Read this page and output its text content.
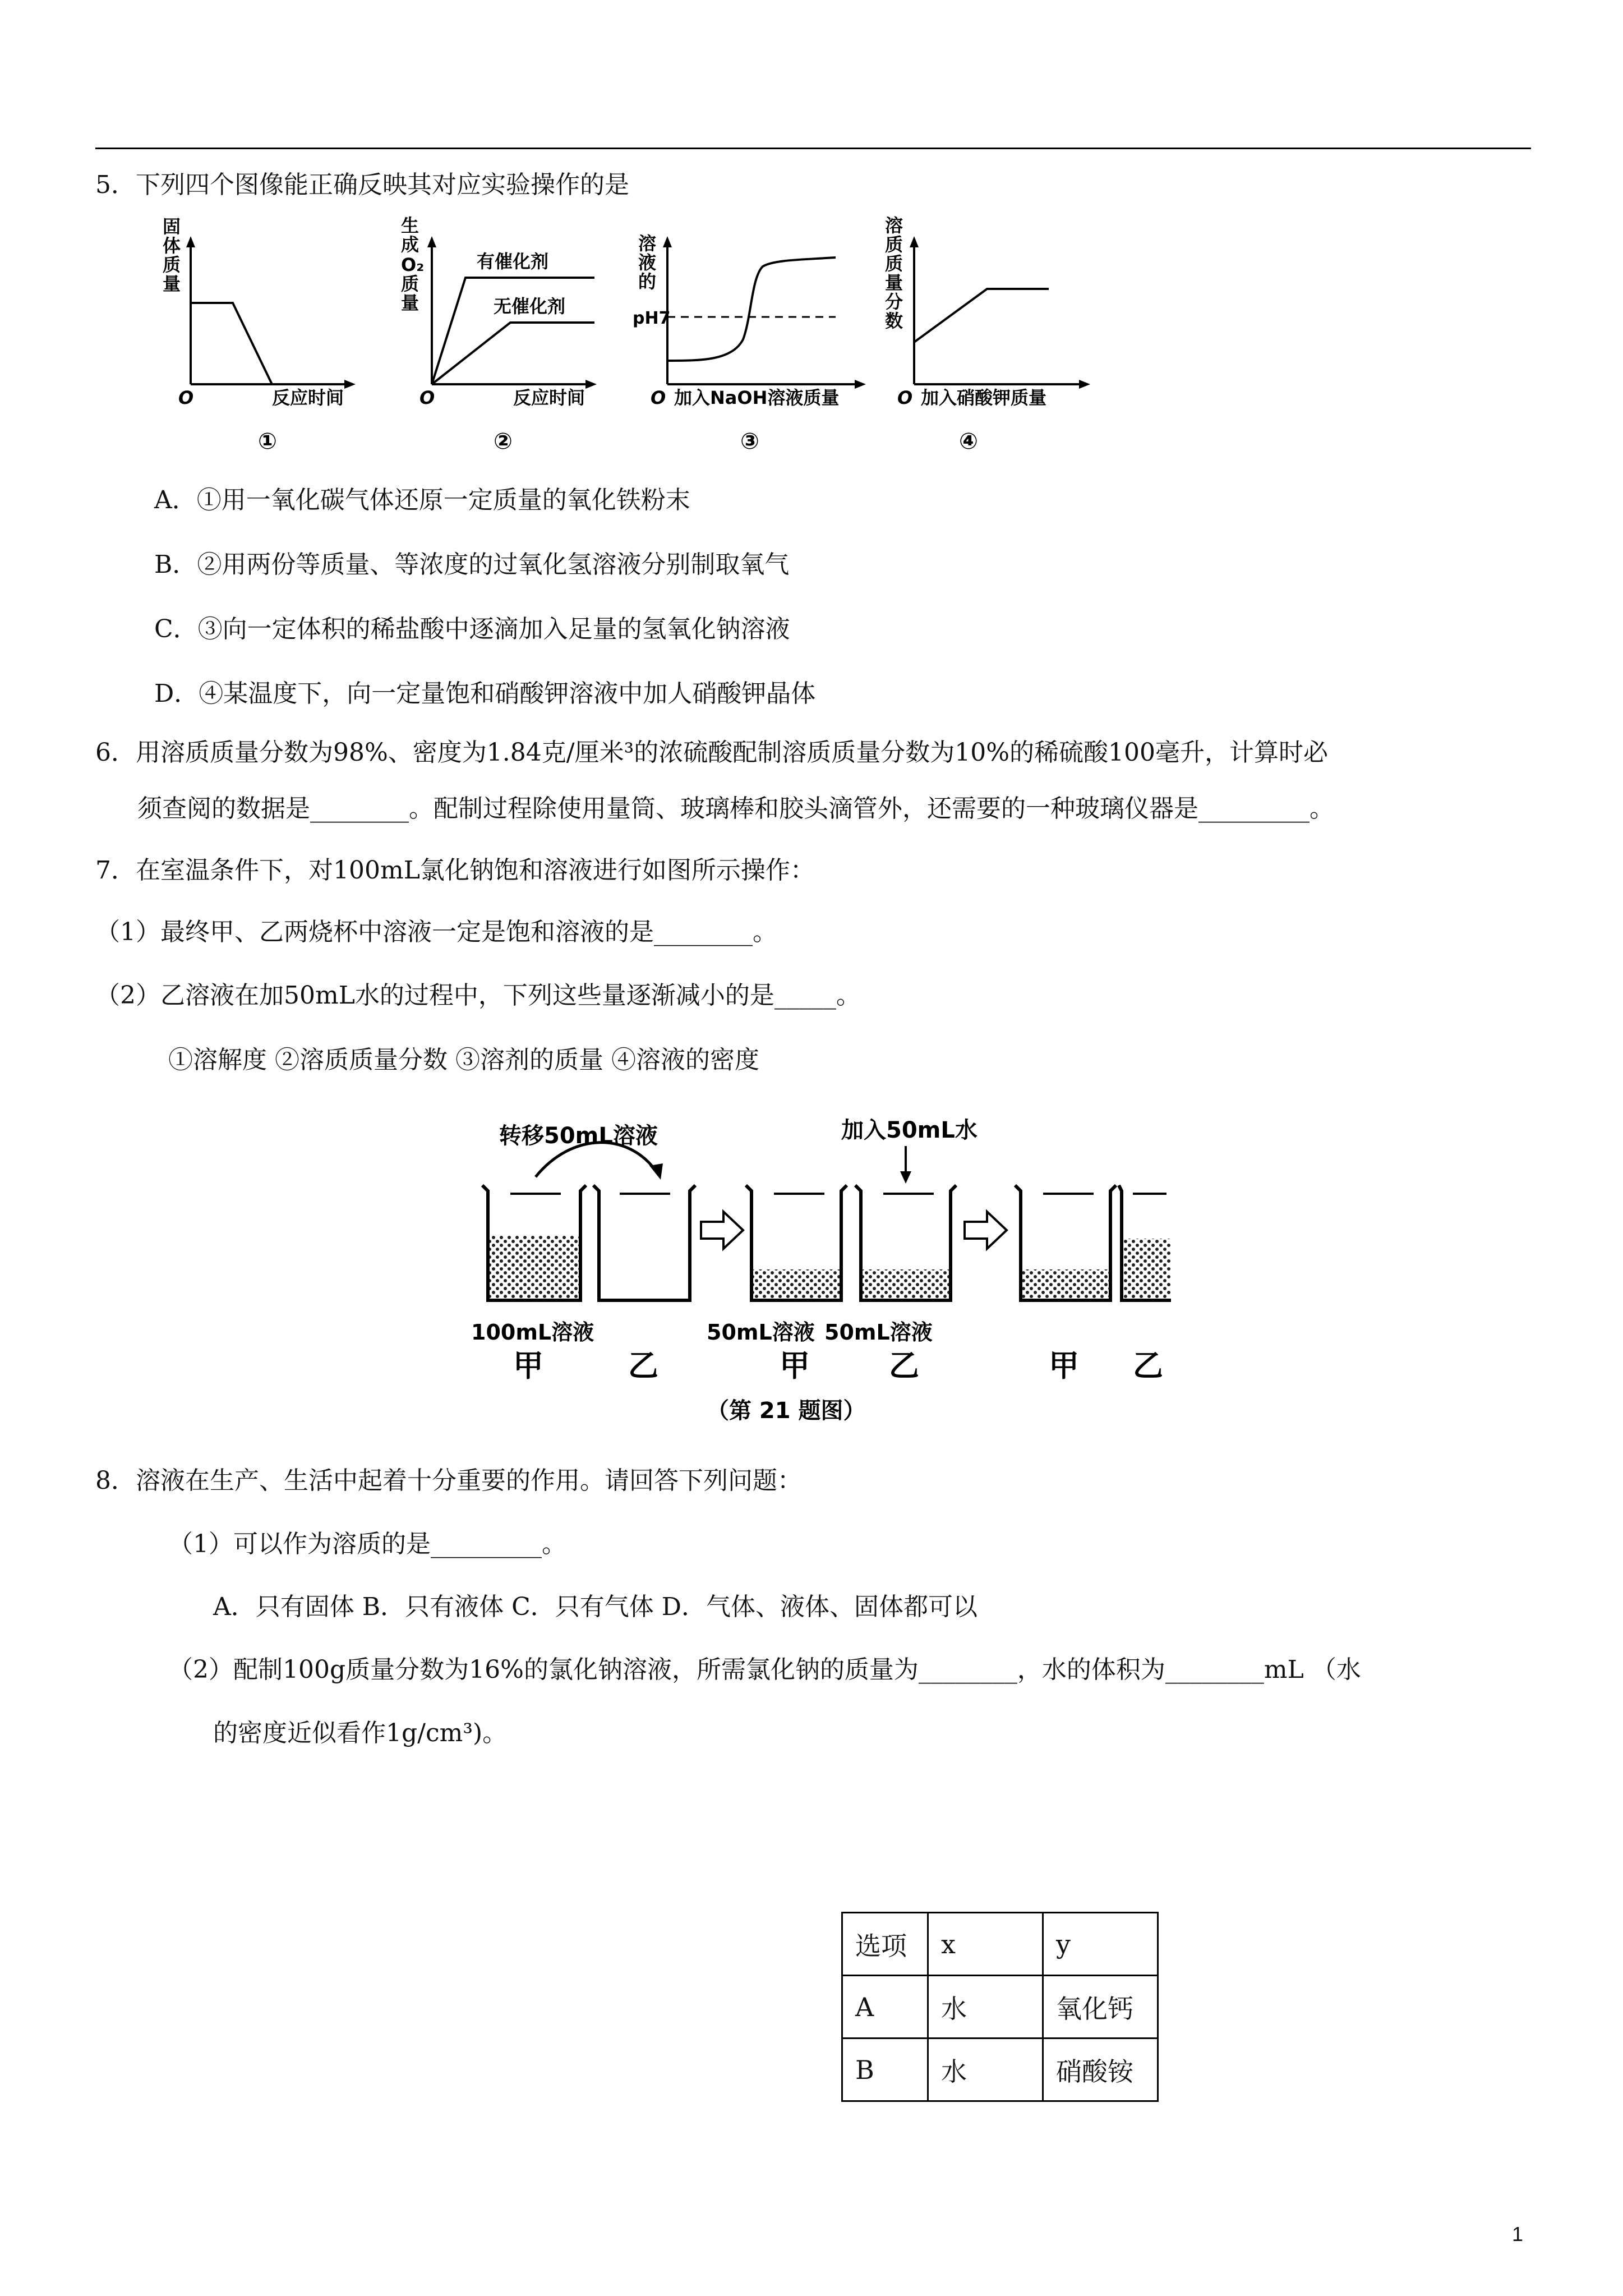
5．下列四个图像能正确反映其对应实验操作的是
固
体
质
量
O	反应时间
①
生
成
O₂
质
量
有催化剂
无催化剂
O	反应时间
②
溶
液
的
pH7
O 加入NaOH溶液质量
③
溶
质
质
量
分
数
O 加入硝酸钾质量
④
A．①用一氧化碳气体还原一定质量的氧化铁粉末
B．②用两份等质量、等浓度的过氧化氢溶液分别制取氧气
C．③向一定体积的稀盐酸中逐滴加入足量的氢氧化钠溶液
D．④某温度下，向一定量饱和硝酸钾溶液中加人硝酸钾晶体
6．用溶质质量分数为98%、密度为1.84克/厘米³的浓硫酸配制溶质质量分数为10%的稀硫酸100毫升，计算时必
须查阅的数据是________。配制过程除使用量筒、玻璃棒和胶头滴管外，还需要的一种玻璃仪器是_________。
7．在室温条件下，对100mL氯化钠饱和溶液进行如图所示操作：
（1）最终甲、乙两烧杯中溶液一定是饱和溶液的是________。
（2）乙溶液在加50mL水的过程中，下列这些量逐渐减小的是_____。
①溶解度 ②溶质质量分数 ③溶剂的质量 ④溶液的密度
转移50mL溶液
100mL溶液
甲	乙
加入50mL水
50mL溶液 50mL溶液
甲	乙	甲 乙
（第 21 题图）
8．溶液在生产、生活中起着十分重要的作用。请回答下列问题：
（1）可以作为溶质的是_________。
A．只有固体 B．只有液体 C．只有气体 D．气体、液体、固体都可以
（2）配制100g质量分数为16%的氯化钠溶液，所需氯化钠的质量为________，水的体积为________mL （水
的密度近似看作1g/cm³)。
选项	x	y
A	水	氧化钙
B	水	硝酸铵
1
